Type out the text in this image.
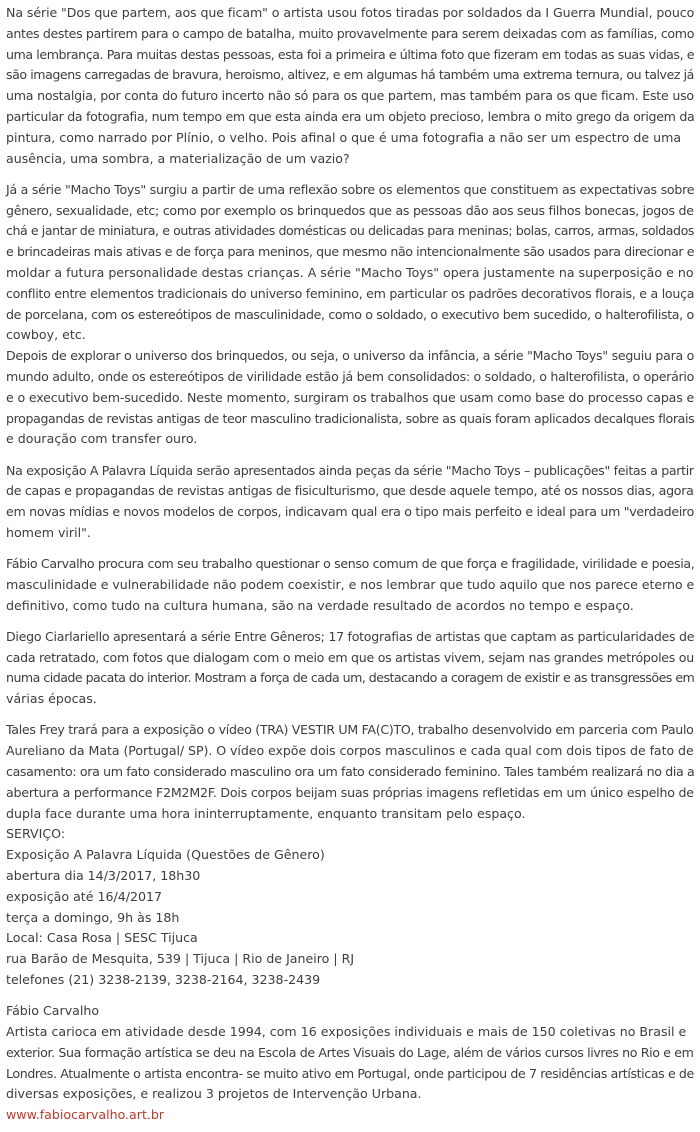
Na série "Dos que partem, aos que ficam" o artista usou fotos tiradas por soldados da I Guerra Mundial, pouco
antes destes partirem para o campo de batalha, muito provavelmente para serem deixadas com as famílias, como
uma lembrança. Para muitas destas pessoas, esta foi a primeira e última foto que fizeram em todas as suas vidas, e
são imagens carregadas de bravura, heroismo, altivez, e em algumas há também uma extrema ternura, ou talvez já
uma nostalgia, por conta do futuro incerto não só para os que partem, mas também para os que ficam. Este uso
particular da fotografia, num tempo em que esta ainda era um objeto precioso, lembra o mito grego da origem da
pintura, como narrado por Plínio, o velho. Pois afinal o que é uma fotografia a não ser um espectro de uma
ausência, uma sombra, a materialização de um vazio?

Já a série "Macho Toys" surgiu a partir de uma reflexão sobre os elementos que constituem as expectativas sobre
gênero, sexualidade, etc; como por exemplo os brinquedos que as pessoas dão aos seus filhos bonecas, jogos de
chá e jantar de miniatura, e outras atividades domésticas ou delicadas para meninas; bolas, carros, armas, soldados
e brincadeiras mais ativas e de força para meninos, que mesmo não intencionalmente são usados para direcionar e
moldar a futura personalidade destas crianças. A série "Macho Toys" opera justamente na superposição e no
conflito entre elementos tradicionais do universo feminino, em particular os padrões decorativos florais, e a louça
de porcelana, com os estereótipos de masculinidade, como o soldado, o executivo bem sucedido, o halterofilista, o
cowboy, etc.
Depois de explorar o universo dos brinquedos, ou seja, o universo da infância, a série "Macho Toys" seguiu para o
mundo adulto, onde os estereótipos de virilidade estão já bem consolidados: o soldado, o halterofilista, o operário
e o executivo bem-sucedido. Neste momento, surgiram os trabalhos que usam como base do processo capas e
propagandas de revistas antigas de teor masculino tradicionalista, sobre as quais foram aplicados decalques florais
e douração com transfer ouro.

Na exposição A Palavra Líquida serão apresentados ainda peças da série "Macho Toys – publicações" feitas a partir
de capas e propagandas de revistas antigas de fisiculturismo, que desde aquele tempo, até os nossos dias, agora
em novas mídias e novos modelos de corpos, indicavam qual era o tipo mais perfeito e ideal para um "verdadeiro
homem viril".

Fábio Carvalho procura com seu trabalho questionar o senso comum de que força e fragilidade, virilidade e poesia,
masculinidade e vulnerabilidade não podem coexistir, e nos lembrar que tudo aquilo que nos parece eterno e
definitivo, como tudo na cultura humana, são na verdade resultado de acordos no tempo e espaço.

Diego Ciarlariello apresentará a série Entre Gêneros; 17 fotografias de artistas que captam as particularidades de
cada retratado, com fotos que dialogam com o meio em que os artistas vivem, sejam nas grandes metrópoles ou
numa cidade pacata do interior. Mostram a força de cada um, destacando a coragem de existir e as transgressões em
várias épocas.

Tales Frey trará para a exposição o vídeo (TRA) VESTIR UM FA(C)TO, trabalho desenvolvido em parceria com Paulo
Aureliano da Mata (Portugal/ SP). O vídeo expõe dois corpos masculinos e cada qual com dois tipos de fato de
casamento: ora um fato considerado masculino ora um fato considerado feminino. Tales também realizará no dia a
abertura a performance F2M2M2F. Dois corpos beijam suas próprias imagens refletidas em um único espelho de
dupla face durante uma hora ininterruptamente, enquanto transitam pelo espaço.
SERVIÇO:
Exposição A Palavra Líquida (Questões de Gênero)
abertura dia 14/3/2017, 18h30
exposição até 16/4/2017
terça a domingo, 9h às 18h
Local: Casa Rosa | SESC Tijuca
rua Barão de Mesquita, 539 | Tijuca | Rio de Janeiro | RJ
telefones (21) 3238-2139, 3238-2164, 3238-2439

Fábio Carvalho
Artista carioca em atividade desde 1994, com 16 exposições individuais e mais de 150 coletivas no Brasil e
exterior. Sua formação artística se deu na Escola de Artes Visuais do Lage, além de vários cursos livres no Rio e em
Londres. Atualmente o artista encontra- se muito ativo em Portugal, onde participou de 7 residências artísticas e de
diversas exposições, e realizou 3 projetos de Intervenção Urbana.
www.fabiocarvalho.art.br
